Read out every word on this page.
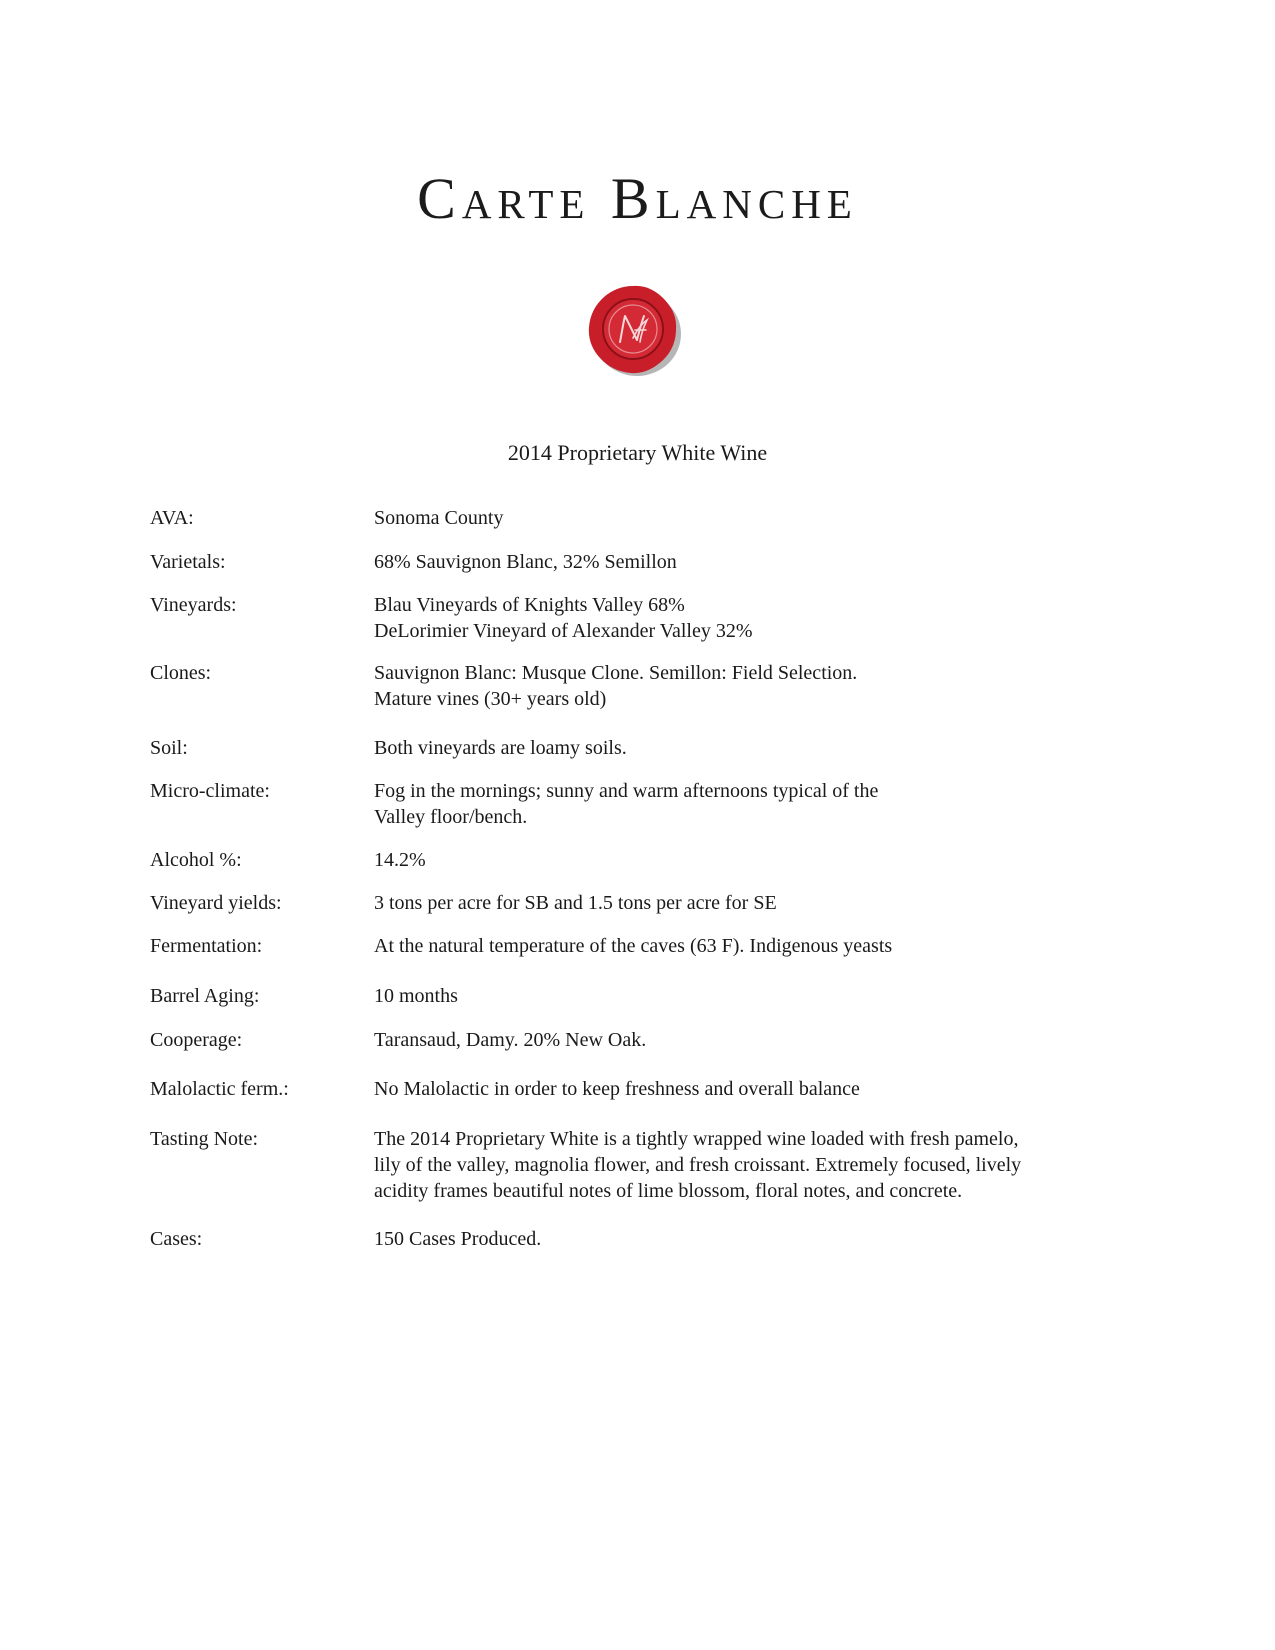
Carte Blanche
2014 Proprietary White Wine
AVA:	Sonoma County
Varietals:	68% Sauvignon Blanc, 32% Semillon
Vineyards:	Blau Vineyards of Knights Valley 68%
DeLorimier Vineyard of Alexander Valley 32%
Clones:	Sauvignon Blanc: Musque Clone. Semillon: Field Selection.
Mature vines (30+ years old)
Soil:	Both vineyards are loamy soils.
Micro-climate:	Fog in the mornings; sunny and warm afternoons typical of the
Valley floor/bench.
Alcohol %:	14.2%
Vineyard yields:	3 tons per acre for SB and 1.5 tons per acre for SE
Fermentation:	At the natural temperature of the caves (63 F). Indigenous yeasts
Barrel Aging:	10 months
Cooperage:	Taransaud, Damy. 20% New Oak.
Malolactic ferm.:	No Malolactic in order to keep freshness and overall balance
Tasting Note:	The 2014 Proprietary White is a tightly wrapped wine loaded with fresh pamelo,
lily of the valley, magnolia flower, and fresh croissant. Extremely focused, lively
acidity frames beautiful notes of lime blossom, floral notes, and concrete.
Cases:	150 Cases Produced.
